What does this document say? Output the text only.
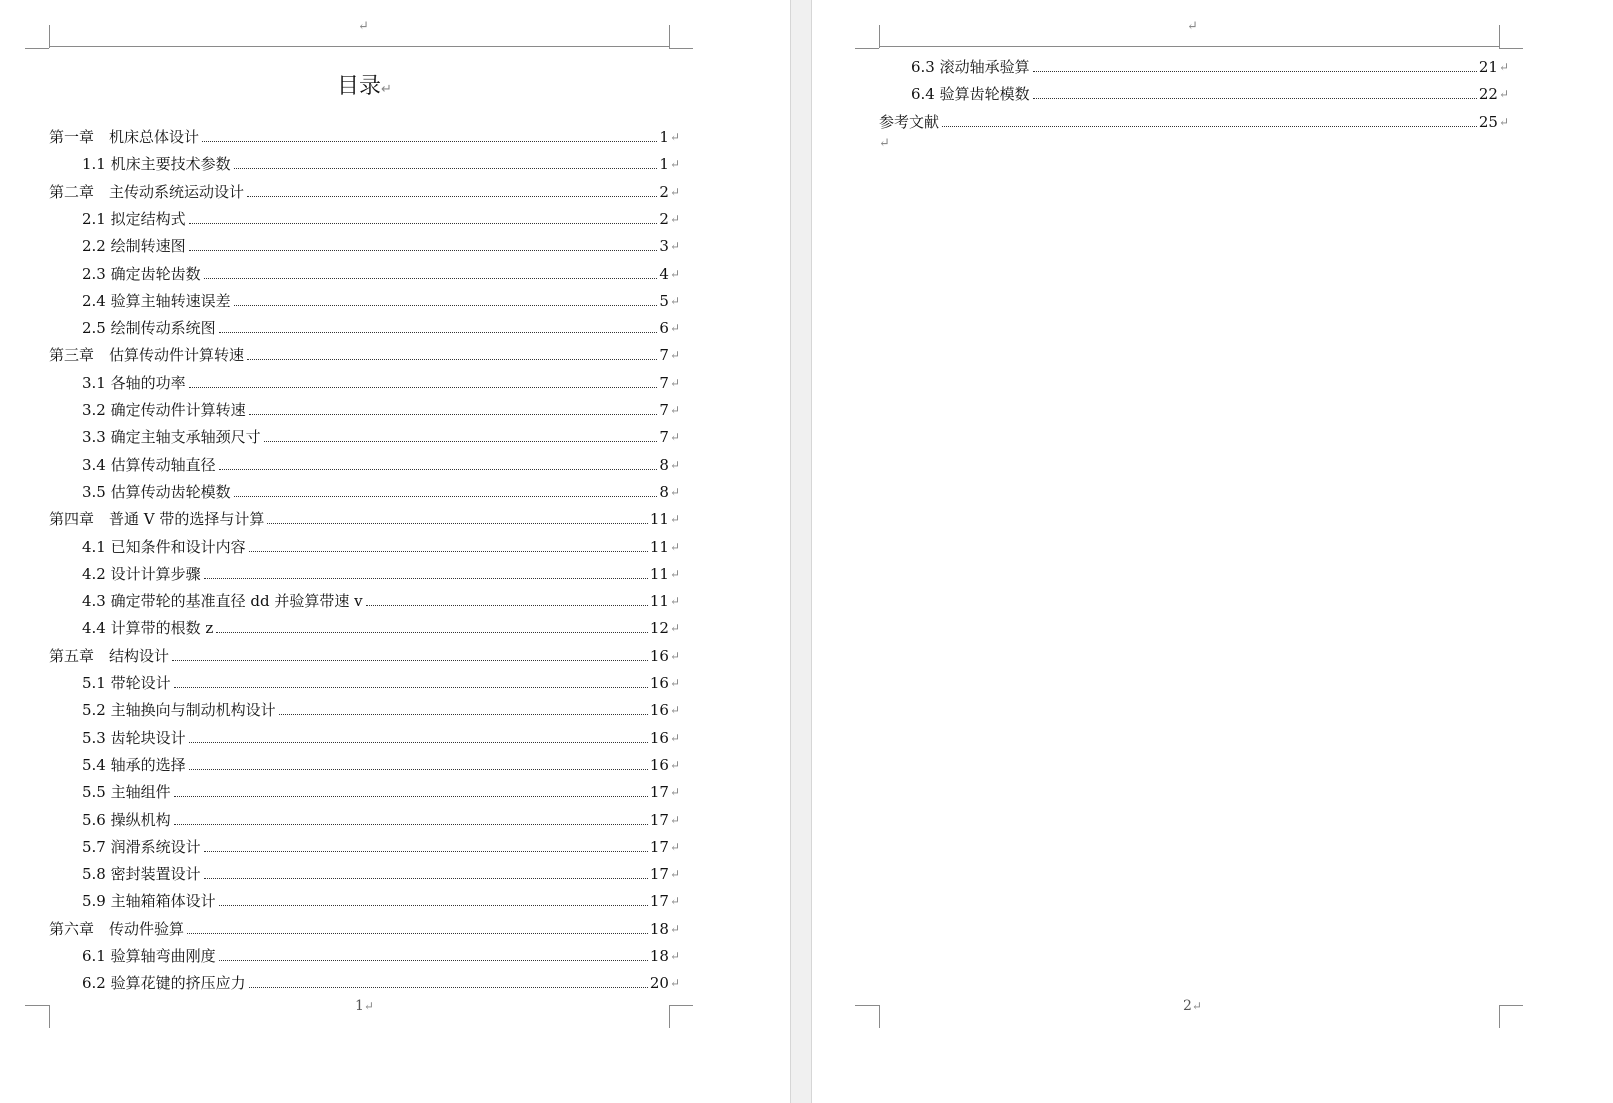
↵
目录↵
第一章　机床总体设计	1 ↵
1.1 机床主要技术参数	1 ↵
第二章　主传动系统运动设计	2 ↵
2.1 拟定结构式	2 ↵
2.2 绘制转速图	3 ↵
2.3 确定齿轮齿数	4 ↵
2.4 验算主轴转速误差	5 ↵
2.5 绘制传动系统图	6 ↵
第三章　估算传动件计算转速	7 ↵
3.1 各轴的功率	7 ↵
3.2 确定传动件计算转速	7 ↵
3.3 确定主轴支承轴颈尺寸	7 ↵
3.4 估算传动轴直径	8 ↵
3.5 估算传动齿轮模数	8 ↵
第四章　普通 V 带的选择与计算	11 ↵
4.1 已知条件和设计内容	11 ↵
4.2 设计计算步骤	11 ↵
4.3 确定带轮的基准直径 dd 并验算带速 v	11 ↵
4.4 计算带的根数 z	12 ↵
第五章　结构设计	16 ↵
5.1 带轮设计	16 ↵
5.2 主轴换向与制动机构设计	16 ↵
5.3 齿轮块设计	16 ↵
5.4 轴承的选择	16 ↵
5.5 主轴组件	17 ↵
5.6 操纵机构	17 ↵
5.7 润滑系统设计	17 ↵
5.8 密封装置设计	17 ↵
5.9 主轴箱箱体设计	17 ↵
第六章　传动件验算	18 ↵
6.1 验算轴弯曲刚度	18 ↵
6.2 验算花键的挤压应力	20 ↵
1↵
↵
6.3 滚动轴承验算	21 ↵
6.4 验算齿轮模数	22 ↵
参考文献	25 ↵
↵
2↵
